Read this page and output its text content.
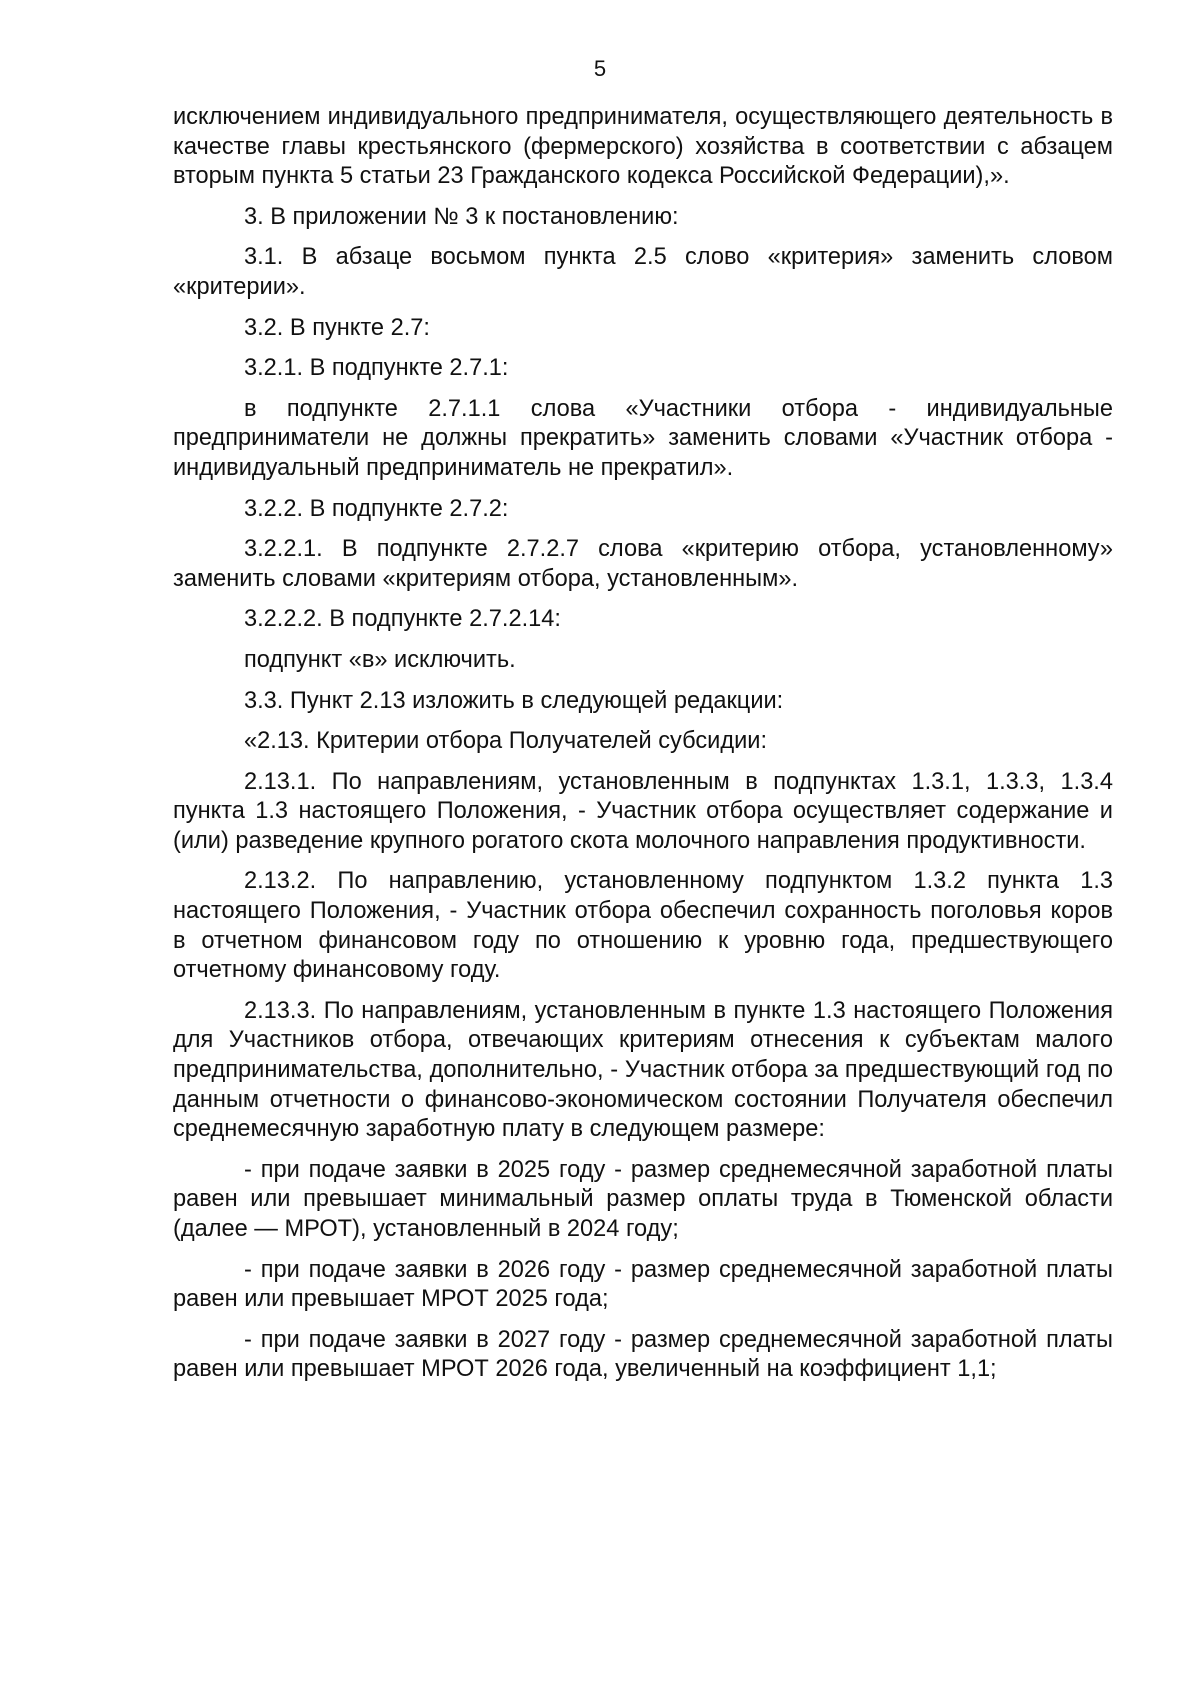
5

исключением индивидуального предпринимателя, осуществляющего деятельность в качестве главы крестьянского (фермерского) хозяйства в соответствии с абзацем вторым пункта 5 статьи 23 Гражданского кодекса Российской Федерации),».

3. В приложении № 3 к постановлению:

3.1. В абзаце восьмом пункта 2.5 слово «критерия» заменить словом «критерии».

3.2. В пункте 2.7:

3.2.1. В подпункте 2.7.1:

в подпункте 2.7.1.1 слова «Участники отбора - индивидуальные предприниматели не должны прекратить» заменить словами «Участник отбора - индивидуальный предприниматель не прекратил».

3.2.2. В подпункте 2.7.2:

3.2.2.1. В подпункте 2.7.2.7 слова «критерию отбора, установленному» заменить словами «критериям отбора, установленным».

3.2.2.2. В подпункте 2.7.2.14:

подпункт «в» исключить.

3.3. Пункт 2.13 изложить в следующей редакции:

«2.13. Критерии отбора Получателей субсидии:

2.13.1. По направлениям, установленным в подпунктах 1.3.1, 1.3.3, 1.3.4 пункта 1.3 настоящего Положения, - Участник отбора осуществляет содержание и (или) разведение крупного рогатого скота молочного направления продуктивности.

2.13.2. По направлению, установленному подпунктом 1.3.2 пункта 1.3 настоящего Положения, - Участник отбора обеспечил сохранность поголовья коров в отчетном финансовом году по отношению к уровню года, предшествующего отчетному финансовому году.

2.13.3. По направлениям, установленным в пункте 1.3 настоящего Положения для Участников отбора, отвечающих критериям отнесения к субъектам малого предпринимательства, дополнительно, - Участник отбора за предшествующий год по данным отчетности о финансово-экономическом состоянии Получателя обеспечил среднемесячную заработную плату в следующем размере:

- при подаче заявки в 2025 году - размер среднемесячной заработной платы равен или превышает минимальный размер оплаты труда в Тюменской области (далее — МРОТ), установленный в 2024 году;

- при подаче заявки в 2026 году - размер среднемесячной заработной платы равен или превышает МРОТ 2025 года;

- при подаче заявки в 2027 году - размер среднемесячной заработной платы равен или превышает МРОТ 2026 года, увеличенный на коэффициент 1,1;
